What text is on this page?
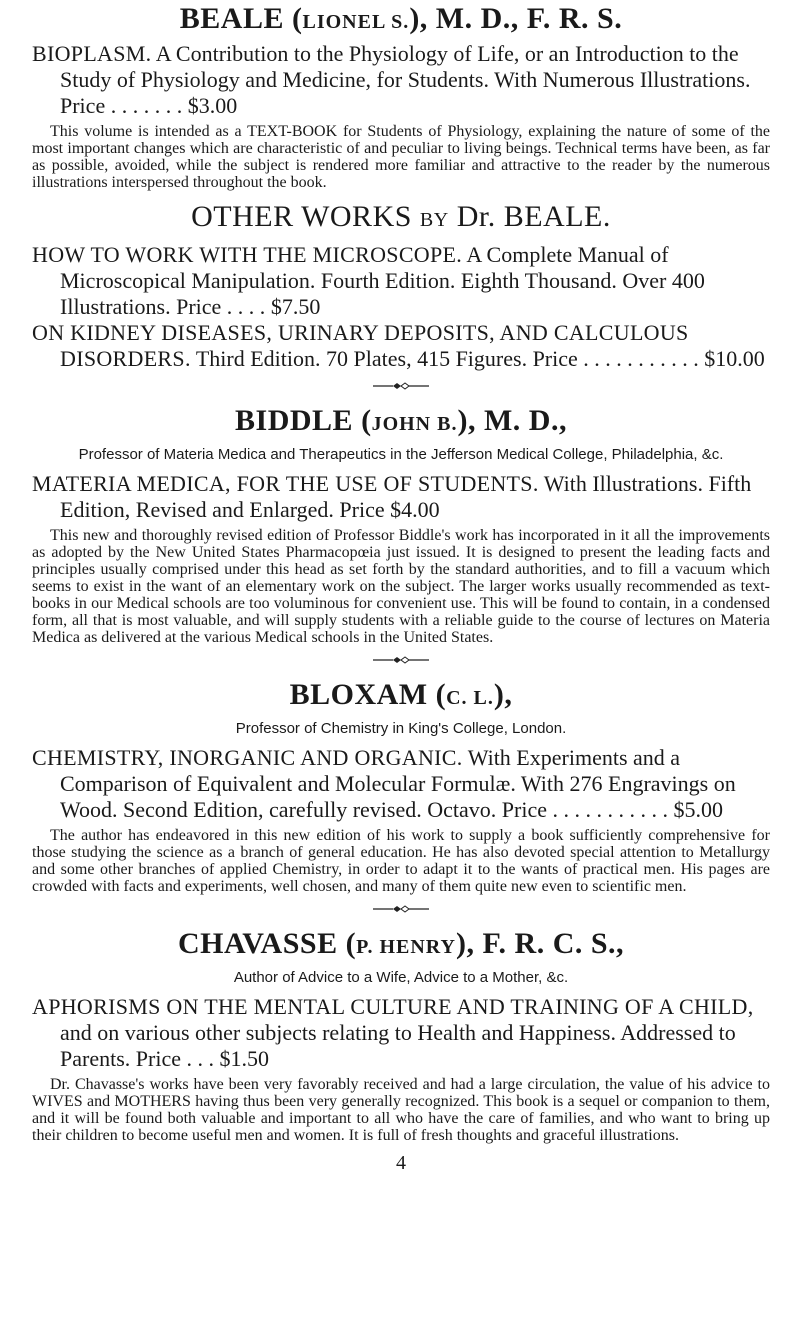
BEALE (LIONEL S.), M. D., F. R. S.

BIOPLASM. A Contribution to the Physiology of Life, or an Introduction to the Study of Physiology and Medicine, for Students. With Numerous Illustrations. Price . . . . . . . $3.00

This volume is intended as a TEXT-BOOK for Students of Physiology, explaining the nature of some of the most important changes which are characteristic of and peculiar to living beings. Technical terms have been, as far as possible, avoided, while the subject is rendered more familiar and attractive to the reader by the numerous illustrations interspersed throughout the book.

OTHER WORKS BY Dr. BEALE.

HOW TO WORK WITH THE MICROSCOPE. A Complete Manual of Microscopical Manipulation. Fourth Edition. Eighth Thousand. Over 400 Illustrations. Price . . . . $7.50

ON KIDNEY DISEASES, URINARY DEPOSITS, AND CALCULOUS DISORDERS. Third Edition. 70 Plates, 415 Figures. Price . . . . . . . . . . . $10.00

BIDDLE (JOHN B.), M. D.,

Professor of Materia Medica and Therapeutics in the Jefferson Medical College, Philadelphia, &c.

MATERIA MEDICA, FOR THE USE OF STUDENTS. With Illustrations. Fifth Edition, Revised and Enlarged. Price $4.00

This new and thoroughly revised edition of Professor Biddle's work has incorporated in it all the improvements as adopted by the New United States Pharmacopœia just issued. It is designed to present the leading facts and principles usually comprised under this head as set forth by the standard authorities, and to fill a vacuum which seems to exist in the want of an elementary work on the subject. The larger works usually recommended as text-books in our Medical schools are too voluminous for convenient use. This will be found to contain, in a condensed form, all that is most valuable, and will supply students with a reliable guide to the course of lectures on Materia Medica as delivered at the various Medical schools in the United States.

BLOXAM (C. L.),

Professor of Chemistry in King's College, London.

CHEMISTRY, INORGANIC AND ORGANIC. With Experiments and a Comparison of Equivalent and Molecular Formulæ. With 276 Engravings on Wood. Second Edition, carefully revised. Octavo. Price . . . . . . . . . . . $5.00

The author has endeavored in this new edition of his work to supply a book sufficiently comprehensive for those studying the science as a branch of general education. He has also devoted special attention to Metallurgy and some other branches of applied Chemistry, in order to adapt it to the wants of practical men. His pages are crowded with facts and experiments, well chosen, and many of them quite new even to scientific men.

CHAVASSE (P. HENRY), F. R. C. S.,

Author of Advice to a Wife, Advice to a Mother, &c.

APHORISMS ON THE MENTAL CULTURE AND TRAINING OF A CHILD, and on various other subjects relating to Health and Happiness. Addressed to Parents. Price . . . $1.50

Dr. Chavasse's works have been very favorably received and had a large circulation, the value of his advice to WIVES and MOTHERS having thus been very generally recognized. This book is a sequel or companion to them, and it will be found both valuable and important to all who have the care of families, and who want to bring up their children to become useful men and women. It is full of fresh thoughts and graceful illustrations.

4
